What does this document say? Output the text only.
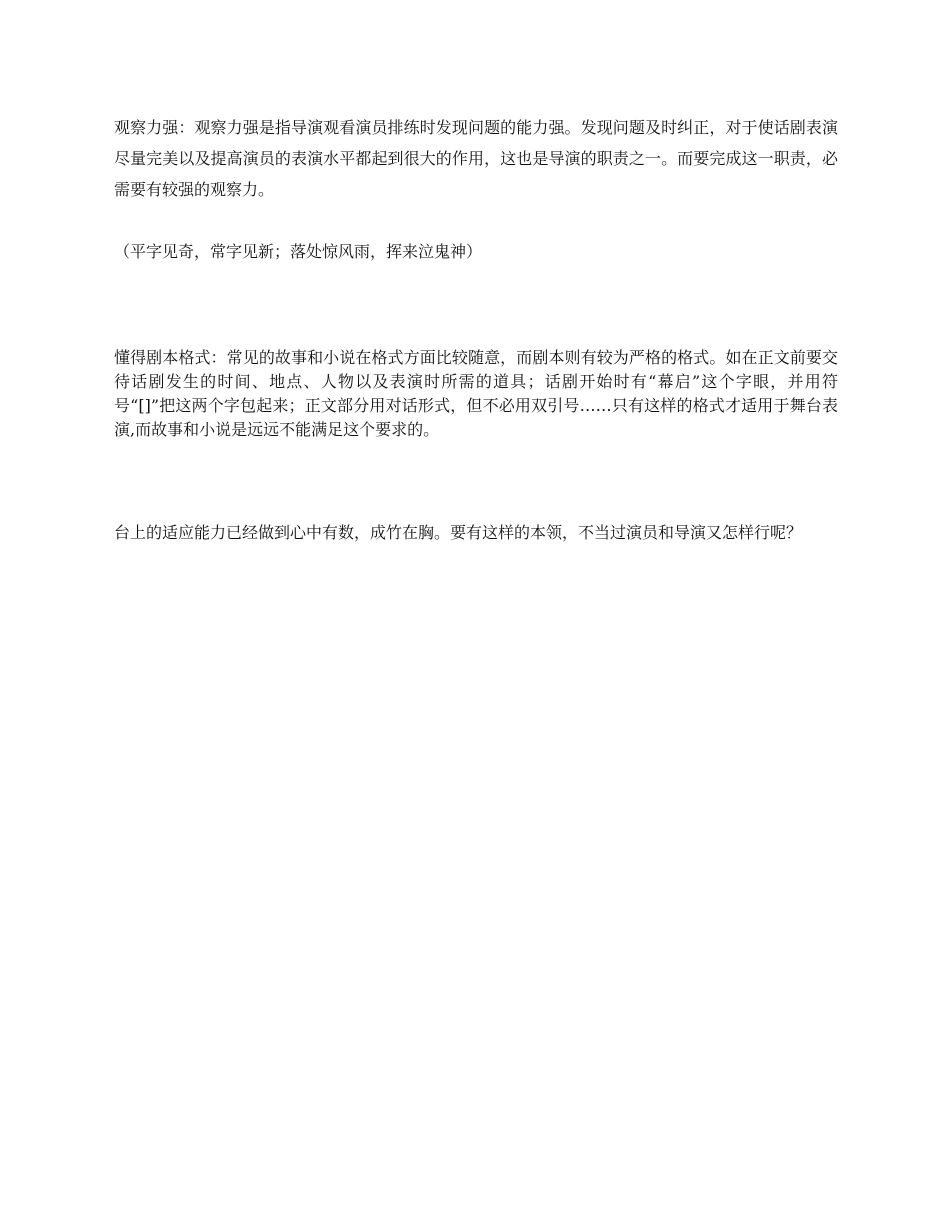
观察力强：观察力强是指导演观看演员排练时发现问题的能力强。发现问题及时纠正，对于使话剧表演尽量完美以及提高演员的表演水平都起到很大的作用，这也是导演的职责之一。而要完成这一职责，必需要有较强的观察力。

（平字见奇，常字见新；落处惊风雨，挥来泣鬼神）

懂得剧本格式：常见的故事和小说在格式方面比较随意，而剧本则有较为严格的格式。如在正文前要交待话剧发生的时间、地点、人物以及表演时所需的道具；话剧开始时有“幕启”这个字眼，并用符号“[]”把这两个字包起来；正文部分用对话形式，但不必用双引号……只有这样的格式才适用于舞台表演,而故事和小说是远远不能满足这个要求的。

台上的适应能力已经做到心中有数，成竹在胸。要有这样的本领，不当过演员和导演又怎样行呢？
